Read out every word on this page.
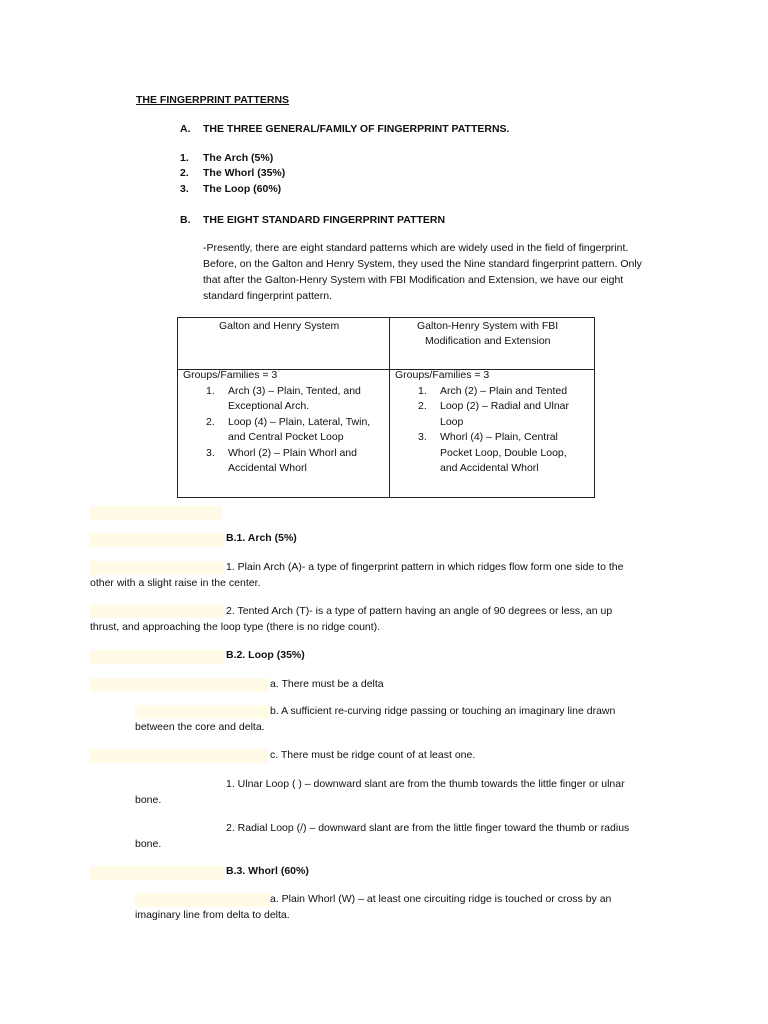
THE FINGERPRINT PATTERNS
A. THE THREE GENERAL/FAMILY OF FINGERPRINT PATTERNS.
1. The Arch (5%)
2. The Whorl (35%)
3. The Loop (60%)
B. THE EIGHT STANDARD FINGERPRINT PATTERN
-Presently, there are eight standard patterns which are widely used in the field of fingerprint.
Before, on the Galton and Henry System, they used the Nine standard fingerprint pattern. Only
that after the Galton-Henry System with FBI Modification and Extension, we have our eight
standard fingerprint pattern.
Galton and Henry System	Galton-Henry System with FBI
Modification and Extension
Groups/Families = 3
1. Arch (3) – Plain, Tented, and
Exceptional Arch.
2. Loop (4) – Plain, Lateral, Twin,
and Central Pocket Loop
3. Whorl (2) – Plain Whorl and
Accidental Whorl
Groups/Families = 3
1. Arch (2) – Plain and Tented
2. Loop (2) – Radial and Ulnar
Loop
3. Whorl (4) – Plain, Central
Pocket Loop, Double Loop,
and Accidental Whorl
B.1. Arch (5%)
1. Plain Arch (A)- a type of fingerprint pattern in which ridges flow form one side to the
other with a slight raise in the center.
2. Tented Arch (T)- is a type of pattern having an angle of 90 degrees or less, an up
thrust, and approaching the loop type (there is no ridge count).
B.2. Loop (35%)
a. There must be a delta
b. A sufficient re-curving ridge passing or touching an imaginary line drawn
between the core and delta.
c. There must be ridge count of at least one.
1. Ulnar Loop ( ) – downward slant are from the thumb towards the little finger or ulnar
bone.
2. Radial Loop (/) – downward slant are from the little finger toward the thumb or radius
bone.
B.3. Whorl (60%)
a. Plain Whorl (W) – at least one circuiting ridge is touched or cross by an
imaginary line from delta to delta.
